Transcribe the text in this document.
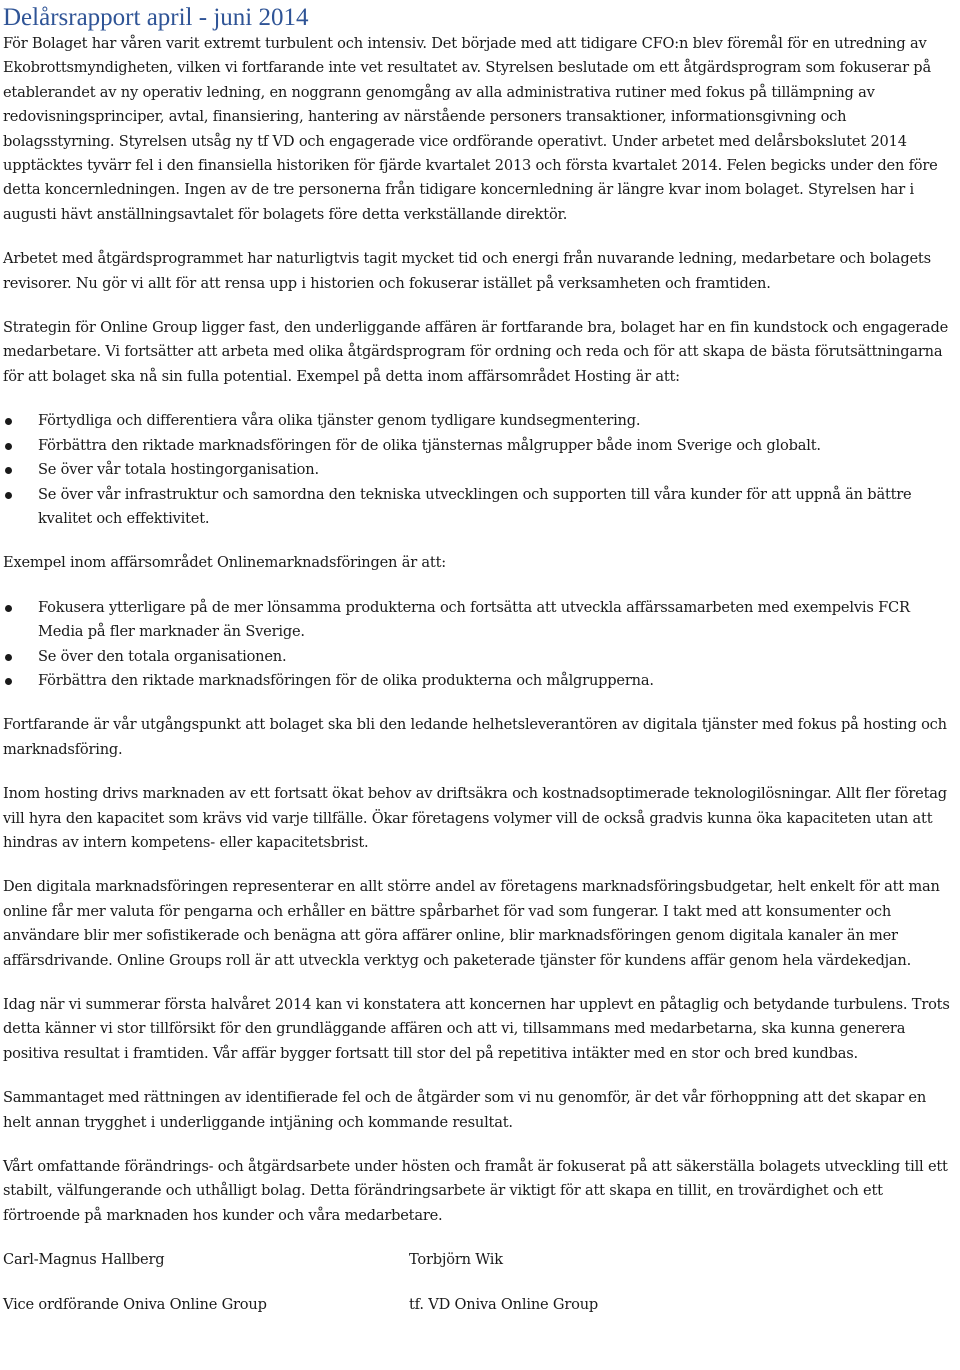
Delårsrapport april - juni 2014

För Bolaget har våren varit extremt turbulent och intensiv. Det började med att tidigare CFO:n blev föremål för en utredning av Ekobrottsmyndigheten, vilken vi fortfarande inte vet resultatet av. Styrelsen beslutade om ett åtgärdsprogram som fokuserar på etablerandet av ny operativ ledning, en noggrann genomgång av alla administrativa rutiner med fokus på tillämpning av redovisningsprinciper, avtal, finansiering, hantering av närstående personers transaktioner, informationsgivning och bolagsstyrning. Styrelsen utsåg ny tf VD och engagerade vice ordförande operativt. Under arbetet med delårsbokslutet 2014 upptäcktes tyvärr fel i den finansiella historiken för fjärde kvartalet 2013 och första kvartalet 2014. Felen begicks under den före detta koncernledningen. Ingen av de tre personerna från tidigare koncernledning är längre kvar inom bolaget. Styrelsen har i augusti hävt anställningsavtalet för bolagets före detta verkställande direktör.

Arbetet med åtgärdsprogrammet har naturligtvis tagit mycket tid och energi från nuvarande ledning, medarbetare och bolagets revisorer. Nu gör vi allt för att rensa upp i historien och fokuserar istället på verksamheten och framtiden.

Strategin för Online Group ligger fast, den underliggande affären är fortfarande bra, bolaget har en fin kundstock och engagerade medarbetare. Vi fortsätter att arbeta med olika åtgärdsprogram för ordning och reda och för att skapa de bästa förutsättningarna för att bolaget ska nå sin fulla potential. Exempel på detta inom affärsområdet Hosting är att:

Förtydliga och differentiera våra olika tjänster genom tydligare kundsegmentering.
Förbättra den riktade marknadsföringen för de olika tjänsternas målgrupper både inom Sverige och globalt.
Se över vår totala hostingorganisation.
Se över vår infrastruktur och samordna den tekniska utvecklingen och supporten till våra kunder för att uppnå än bättre kvalitet och effektivitet.

Exempel inom affärsområdet Onlinemarknadsföringen är att:

Fokusera ytterligare på de mer lönsamma produkterna och fortsätta att utveckla affärssamarbeten med exempelvis FCR Media på fler marknader än Sverige.
Se över den totala organisationen.
Förbättra den riktade marknadsföringen för de olika produkterna och målgrupperna.

Fortfarande är vår utgångspunkt att bolaget ska bli den ledande helhetsleverantören av digitala tjänster med fokus på hosting och marknadsföring.

Inom hosting drivs marknaden av ett fortsatt ökat behov av driftsäkra och kostnadsoptimerade teknologilösningar. Allt fler företag vill hyra den kapacitet som krävs vid varje tillfälle. Ökar företagens volymer vill de också gradvis kunna öka kapaciteten utan att hindras av intern kompetens- eller kapacitetsbrist.

Den digitala marknadsföringen representerar en allt större andel av företagens marknadsföringsbudgetar, helt enkelt för att man online får mer valuta för pengarna och erhåller en bättre spårbarhet för vad som fungerar. I takt med att konsumenter och användare blir mer sofistikerade och benägna att göra affärer online, blir marknadsföringen genom digitala kanaler än mer affärsdrivande. Online Groups roll är att utveckla verktyg och paketerade tjänster för kundens affär genom hela värdekedjan.

Idag när vi summerar första halvåret 2014 kan vi konstatera att koncernen har upplevt en påtaglig och betydande turbulens. Trots detta känner vi stor tillförsikt för den grundläggande affären och att vi, tillsammans med medarbetarna, ska kunna generera positiva resultat i framtiden. Vår affär bygger fortsatt till stor del på repetitiva intäkter med en stor och bred kundbas.

Sammantaget med rättningen av identifierade fel och de åtgärder som vi nu genomför, är det vår förhoppning att det skapar en helt annan trygghet i underliggande intjäning och kommande resultat.

Vårt omfattande förändrings- och åtgärdsarbete under hösten och framåt är fokuserat på att säkerställa bolagets utveckling till ett stabilt, välfungerande och uthålligt bolag. Detta förändringsarbete är viktigt för att skapa en tillit, en trovärdighet och ett förtroende på marknaden hos kunder och våra medarbetare.

Carl-Magnus Hallberg

Vice ordförande Oniva Online Group

Torbjörn Wik

tf. VD Oniva Online Group
